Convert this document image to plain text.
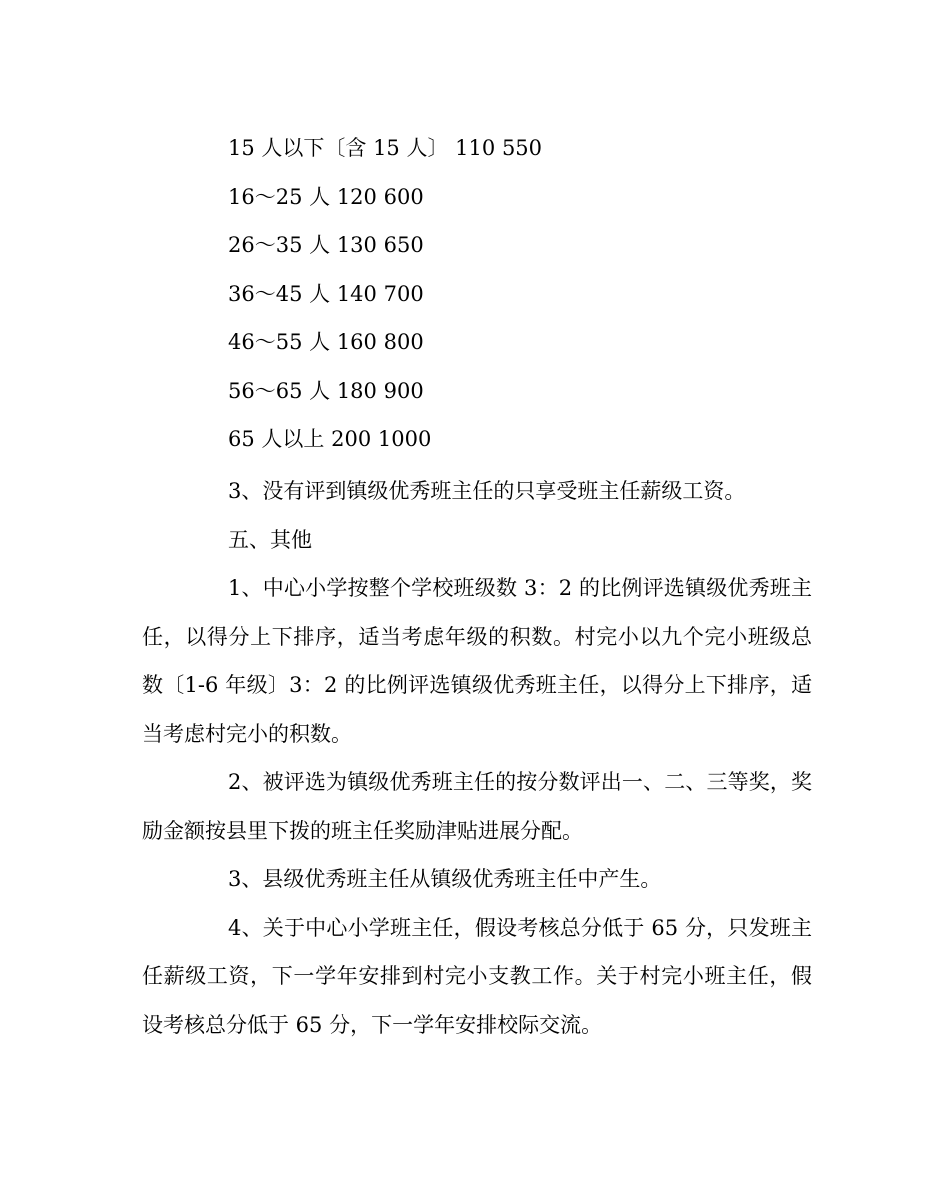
15 人以下〔含 15 人〕 110 550
16～25 人 120 600
26～35 人 130 650
36～45 人 140 700
46～55 人 160 800
56～65 人 180 900
65 人以上 200 1000

3、没有评到镇级优秀班主任的只享受班主任薪级工资。

五、其他

1、中心小学按整个学校班级数 3：2 的比例评选镇级优秀班主任，以得分上下排序，适当考虑年级的积数。村完小以九个完小班级总数〔1-6 年级〕3：2 的比例评选镇级优秀班主任，以得分上下排序，适当考虑村完小的积数。

2、被评选为镇级优秀班主任的按分数评出一、二、三等奖，奖励金额按县里下拨的班主任奖励津贴进展分配。

3、县级优秀班主任从镇级优秀班主任中产生。

4、关于中心小学班主任，假设考核总分低于 65 分，只发班主任薪级工资，下一学年安排到村完小支教工作。关于村完小班主任，假设考核总分低于 65 分，下一学年安排校际交流。
